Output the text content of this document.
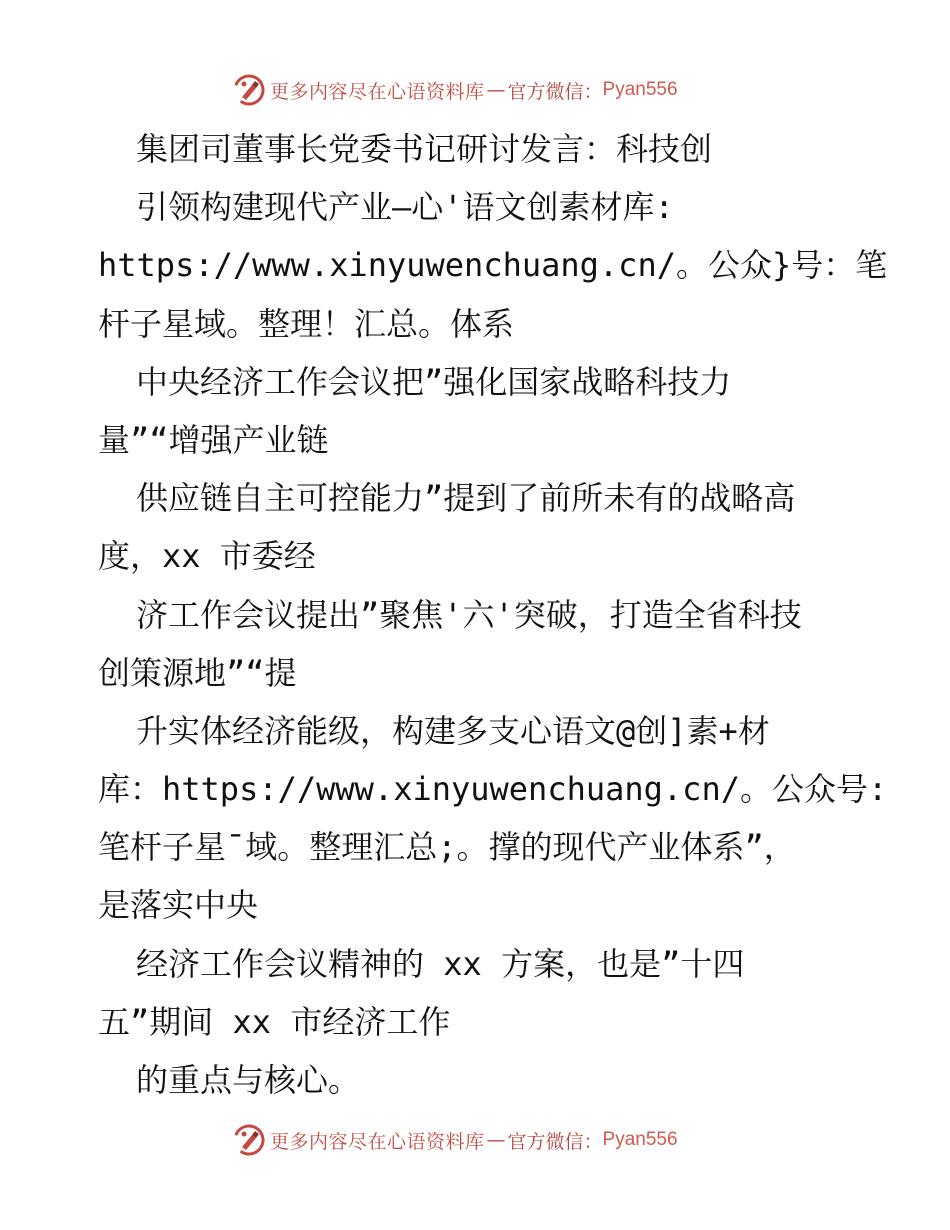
更多内容尽在心语资料库 — 官方微信： Pyan556
集团司董事长党委书记研讨发言：科技创
引领构建现代产业—心'语文创素材库:
https://www.xinyuwenchuang.cn/。公众}号：笔
杆子星域。整理！汇总。体系
中央经济工作会议把”强化国家战略科技力
量”“增强产业链
供应链自主可控能力”提到了前所未有的战略高
度，xx 市委经
济工作会议提出”聚焦'六'突破，打造全省科技
创策源地”“提
升实体经济能级，构建多支心语文@创]素+材
库：https://www.xinyuwenchuang.cn/。公众号:
笔杆子星¯域。整理汇总;。撑的现代产业体系”，
是落实中央
经济工作会议精神的 xx 方案，也是”十四
五”期间 xx 市经济工作
的重点与核心。
更多内容尽在心语资料库 — 官方微信： Pyan556
